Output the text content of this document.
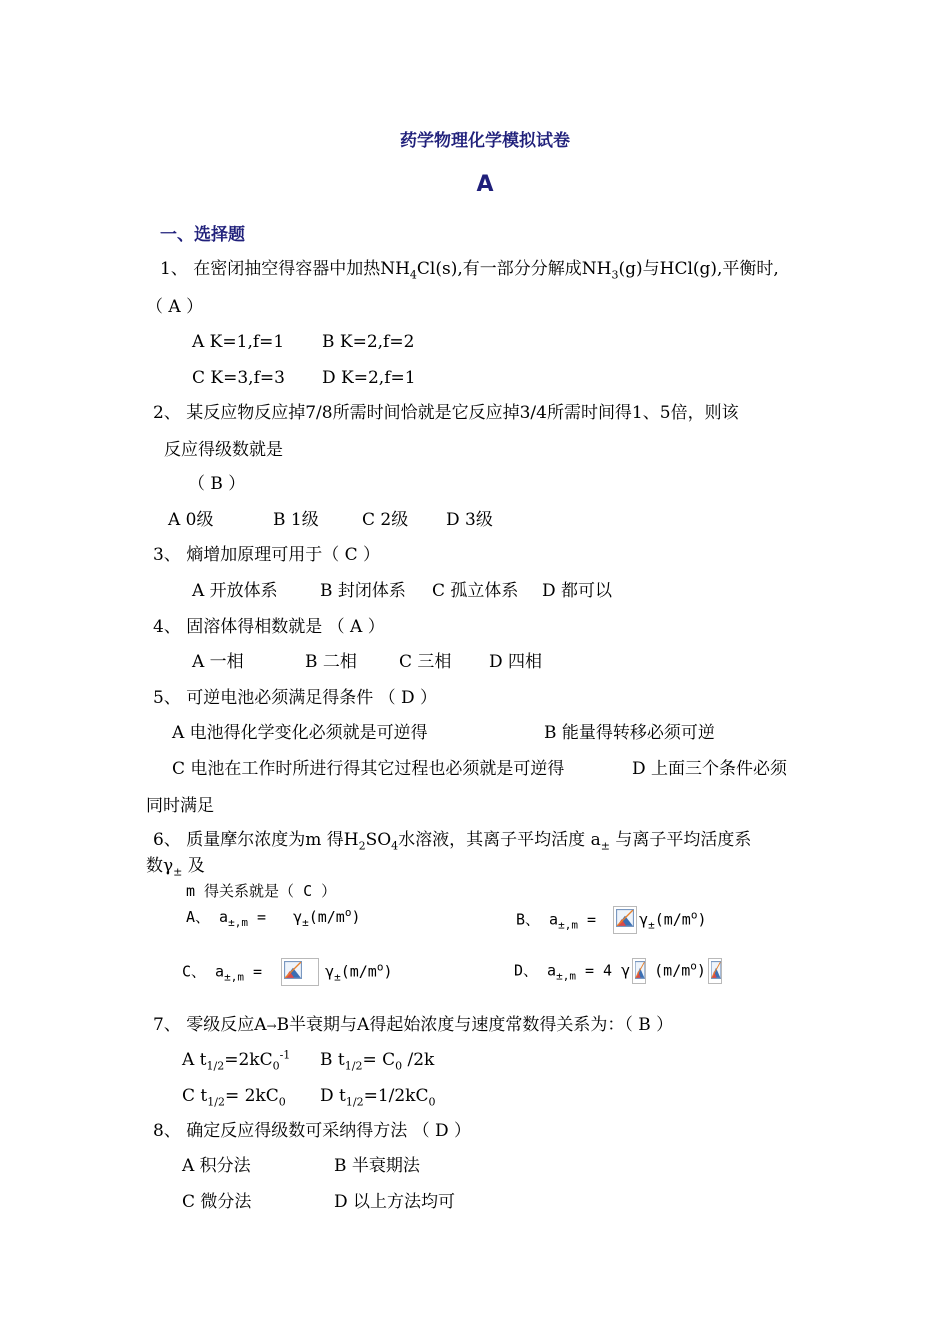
药学物理化学模拟试卷
A
一、选择题
1、 在密闭抽空得容器中加热$NH_4Cl(s)$,有一部分分解成$NH_3(g)$与HCl(g),平衡时,
（ A ）
A K=1,f=1 B K=2,f=2
C K=3,f=3 D K=2,f=1
2、 某反应物反应掉7/8所需时间恰就是它反应掉3/4所需时间得1、5倍，则该
反应得级数就是
（ B ）
A 0级	B 1级	C 2级 D 3级
3、 熵增加原理可用于（ C ）
A 开放体系 B 封闭体系 C 孤立体系 D 都可以
4、 固溶体得相数就是 （ A ）
A 一相	B 二相 C 三相 D 四相
5、 可逆电池必须满足得条件 （ D ）
A 电池得化学变化必须就是可逆得	B 能量得转移必须可逆
C 电池在工作时所进行得其它过程也必须就是可逆得	D 上面三个条件必须
同时满足
6、 质量摩尔浓度为m 得$H_2SO_4$水溶液，其离子平均活度 $a_\pm$ 与离子平均活度系
数$\gamma_\pm$ 及
m 得关系就是（ C ）
A、 $a_{\pm,m} = \gamma_\pm(m/m^o)$	B、 $a_{\pm,m}$ =
$\gamma_\pm(m/m^o)$
C、 $a_{\pm,m}$ =	$\gamma_\pm(m/m^o)$	D、 $a_{\pm,m} = 4$ γ $(m/m^o)$
7、 零级反应A→B半衰期与A得起始浓度与速度常数得关系为：（ B ）
A $t_{1/2}=2kC_0^{-1}$ B $t_{1/2}= C_0$ /2k
C $t_{1/2}= 2kC_0$ D $t_{1/2}=1/2kC_0$
8、 确定反应得级数可采纳得方法 （ D ）
A 积分法	B 半衰期法
C 微分法	D 以上方法均可
